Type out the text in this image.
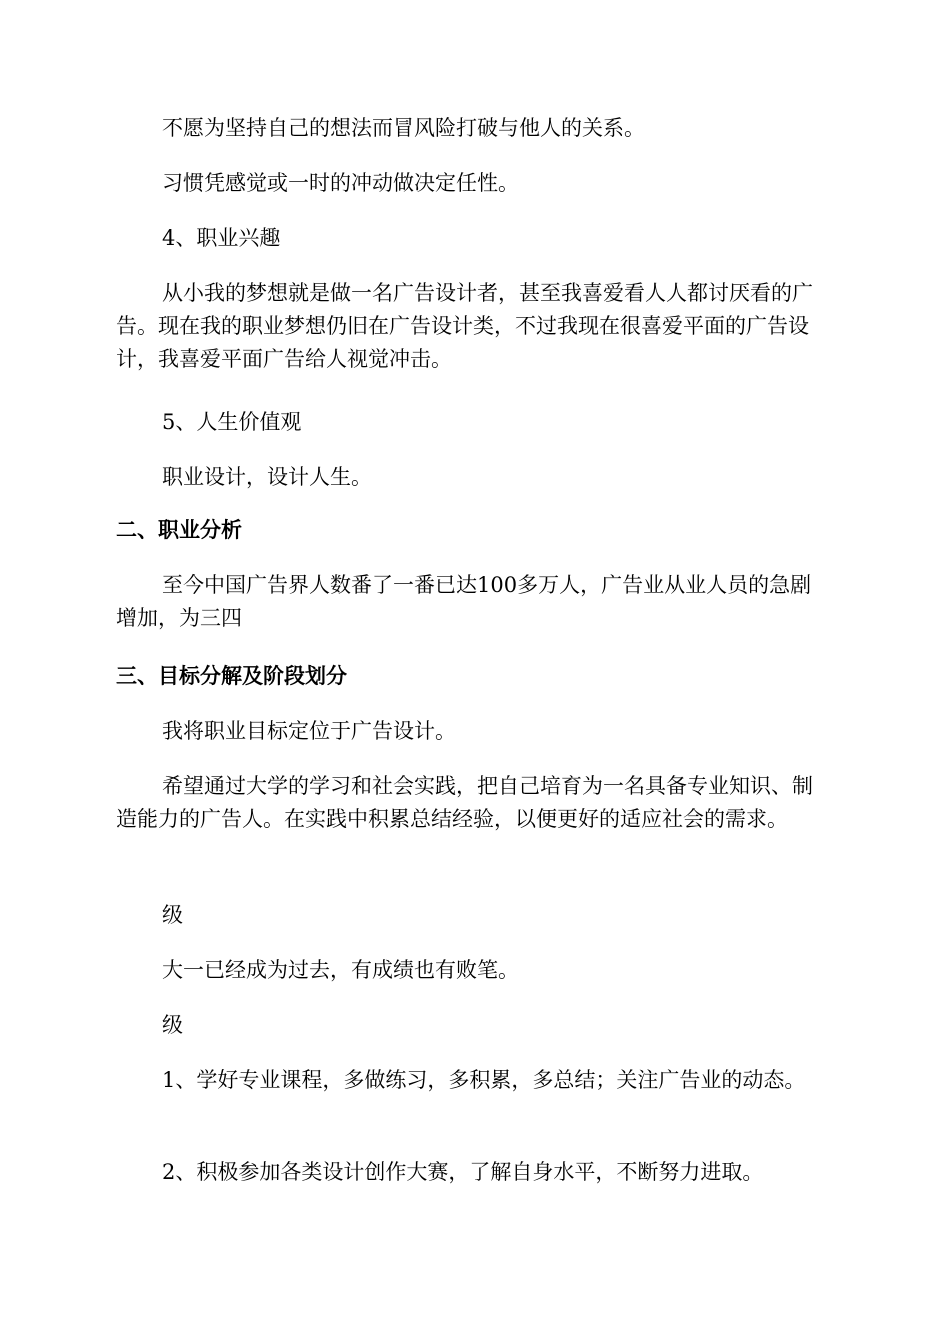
不愿为坚持自己的想法而冒风险打破与他人的关系。

习惯凭感觉或一时的冲动做决定任性。

4、职业兴趣

从小我的梦想就是做一名广告设计者，甚至我喜爱看人人都讨厌看的广告。现在我的职业梦想仍旧在广告设计类，不过我现在很喜爱平面的广告设计，我喜爱平面广告给人视觉冲击。

5、人生价值观

职业设计，设计人生。

二、职业分析

至今中国广告界人数番了一番已达100多万人，广告业从业人员的急剧增加，为三四

三、目标分解及阶段划分

我将职业目标定位于广告设计。

希望通过大学的学习和社会实践，把自己培育为一名具备专业知识、制造能力的广告人。在实践中积累总结经验，以便更好的适应社会的需求。

级

大一已经成为过去，有成绩也有败笔。

级

1、学好专业课程，多做练习，多积累，多总结；关注广告业的动态。

2、积极参加各类设计创作大赛，了解自身水平，不断努力进取。
